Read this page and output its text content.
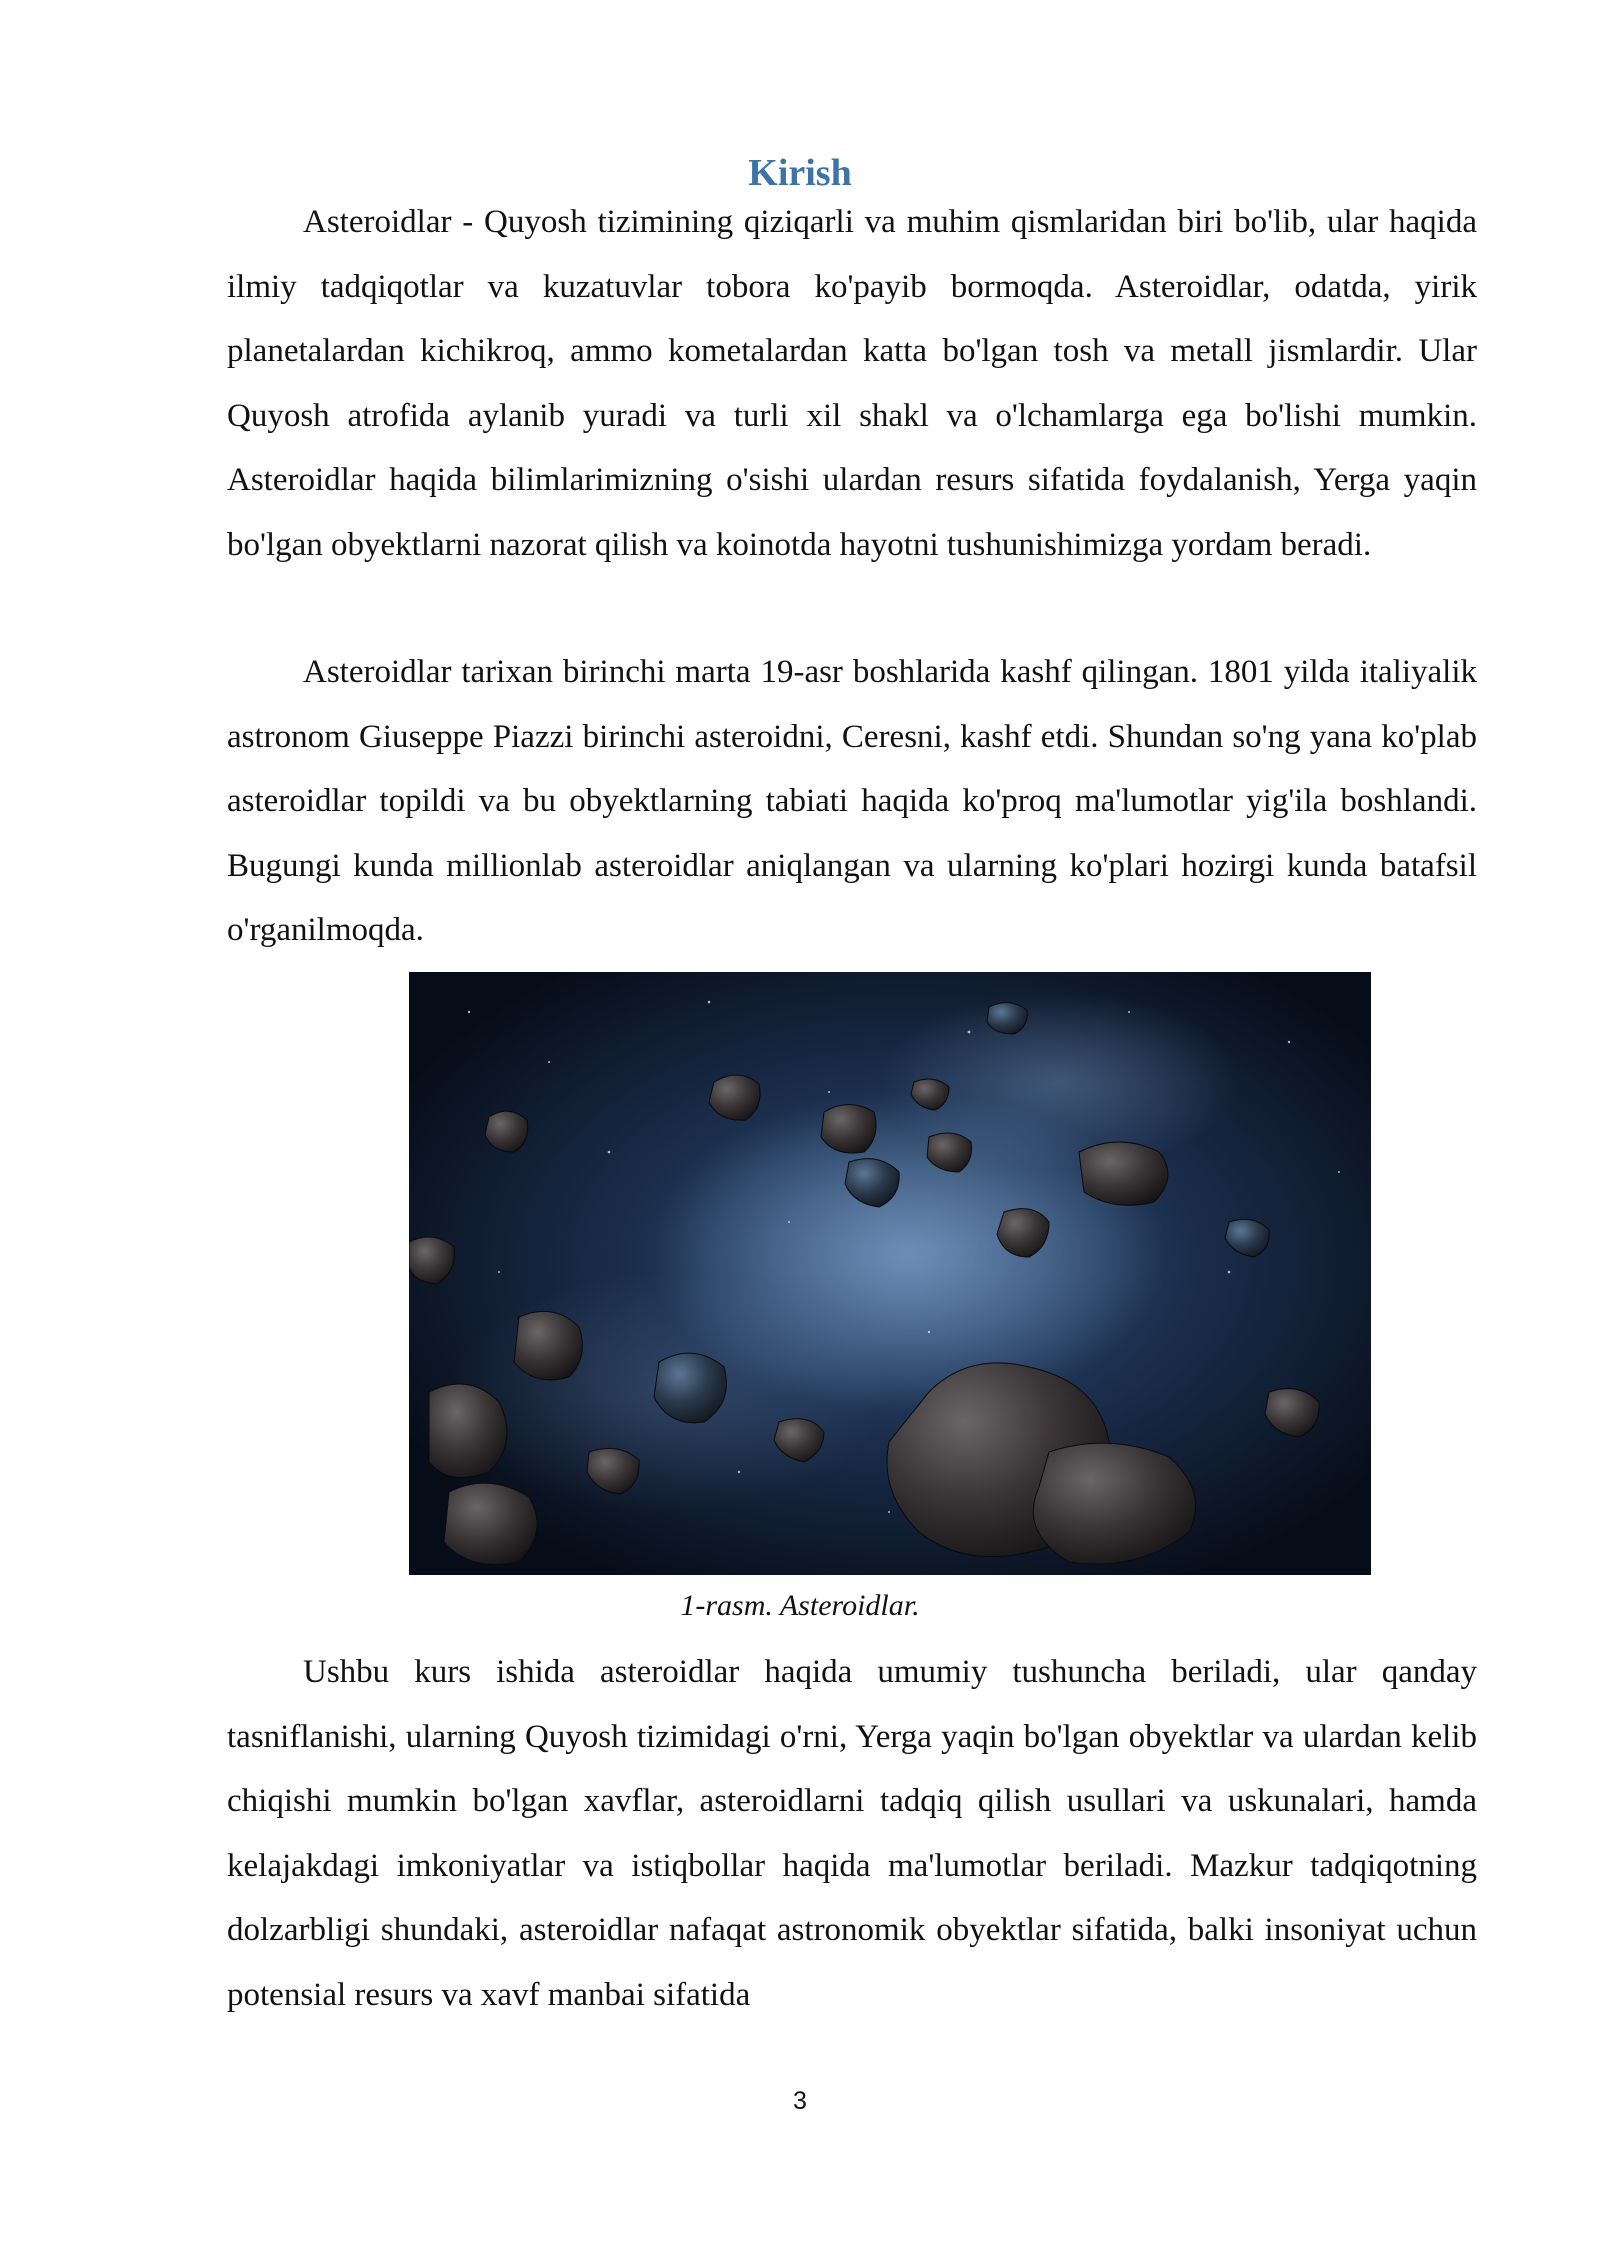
Kirish

Asteroidlar - Quyosh tizimining qiziqarli va muhim qismlaridan biri bo'lib, ular haqida ilmiy tadqiqotlar va kuzatuvlar tobora ko'payib bormoqda. Asteroidlar, odatda, yirik planetalardan kichikroq, ammo kometalardan katta bo'lgan tosh va metall jismlardir. Ular Quyosh atrofida aylanib yuradi va turli xil shakl va o'lchamlarga ega bo'lishi mumkin. Asteroidlar haqida bilimlarimizning o'sishi ulardan resurs sifatida foydalanish, Yerga yaqin bo'lgan obyektlarni nazorat qilish va koinotda hayotni tushunishimizga yordam beradi.

Asteroidlar tarixan birinchi marta 19-asr boshlarida kashf qilingan. 1801 yilda italiyalik astronom Giuseppe Piazzi birinchi asteroidni, Ceresni, kashf etdi. Shundan so'ng yana ko'plab asteroidlar topildi va bu obyektlarning tabiati haqida ko'proq ma'lumotlar yig'ila boshlandi. Bugungi kunda millionlab asteroidlar aniqlangan va ularning ko'plari hozirgi kunda batafsil o'rganilmoqda.

1-rasm. Asteroidlar.

Ushbu kurs ishida asteroidlar haqida umumiy tushuncha beriladi, ular qanday tasniflanishi, ularning Quyosh tizimidagi o'rni, Yerga yaqin bo'lgan obyektlar va ulardan kelib chiqishi mumkin bo'lgan xavflar, asteroidlarni tadqiq qilish usullari va uskunalari, hamda kelajakdagi imkoniyatlar va istiqbollar haqida ma'lumotlar beriladi. Mazkur tadqiqotning dolzarbligi shundaki, asteroidlar nafaqat astronomik obyektlar sifatida, balki insoniyat uchun potensial resurs va xavf manbai sifatida

3
